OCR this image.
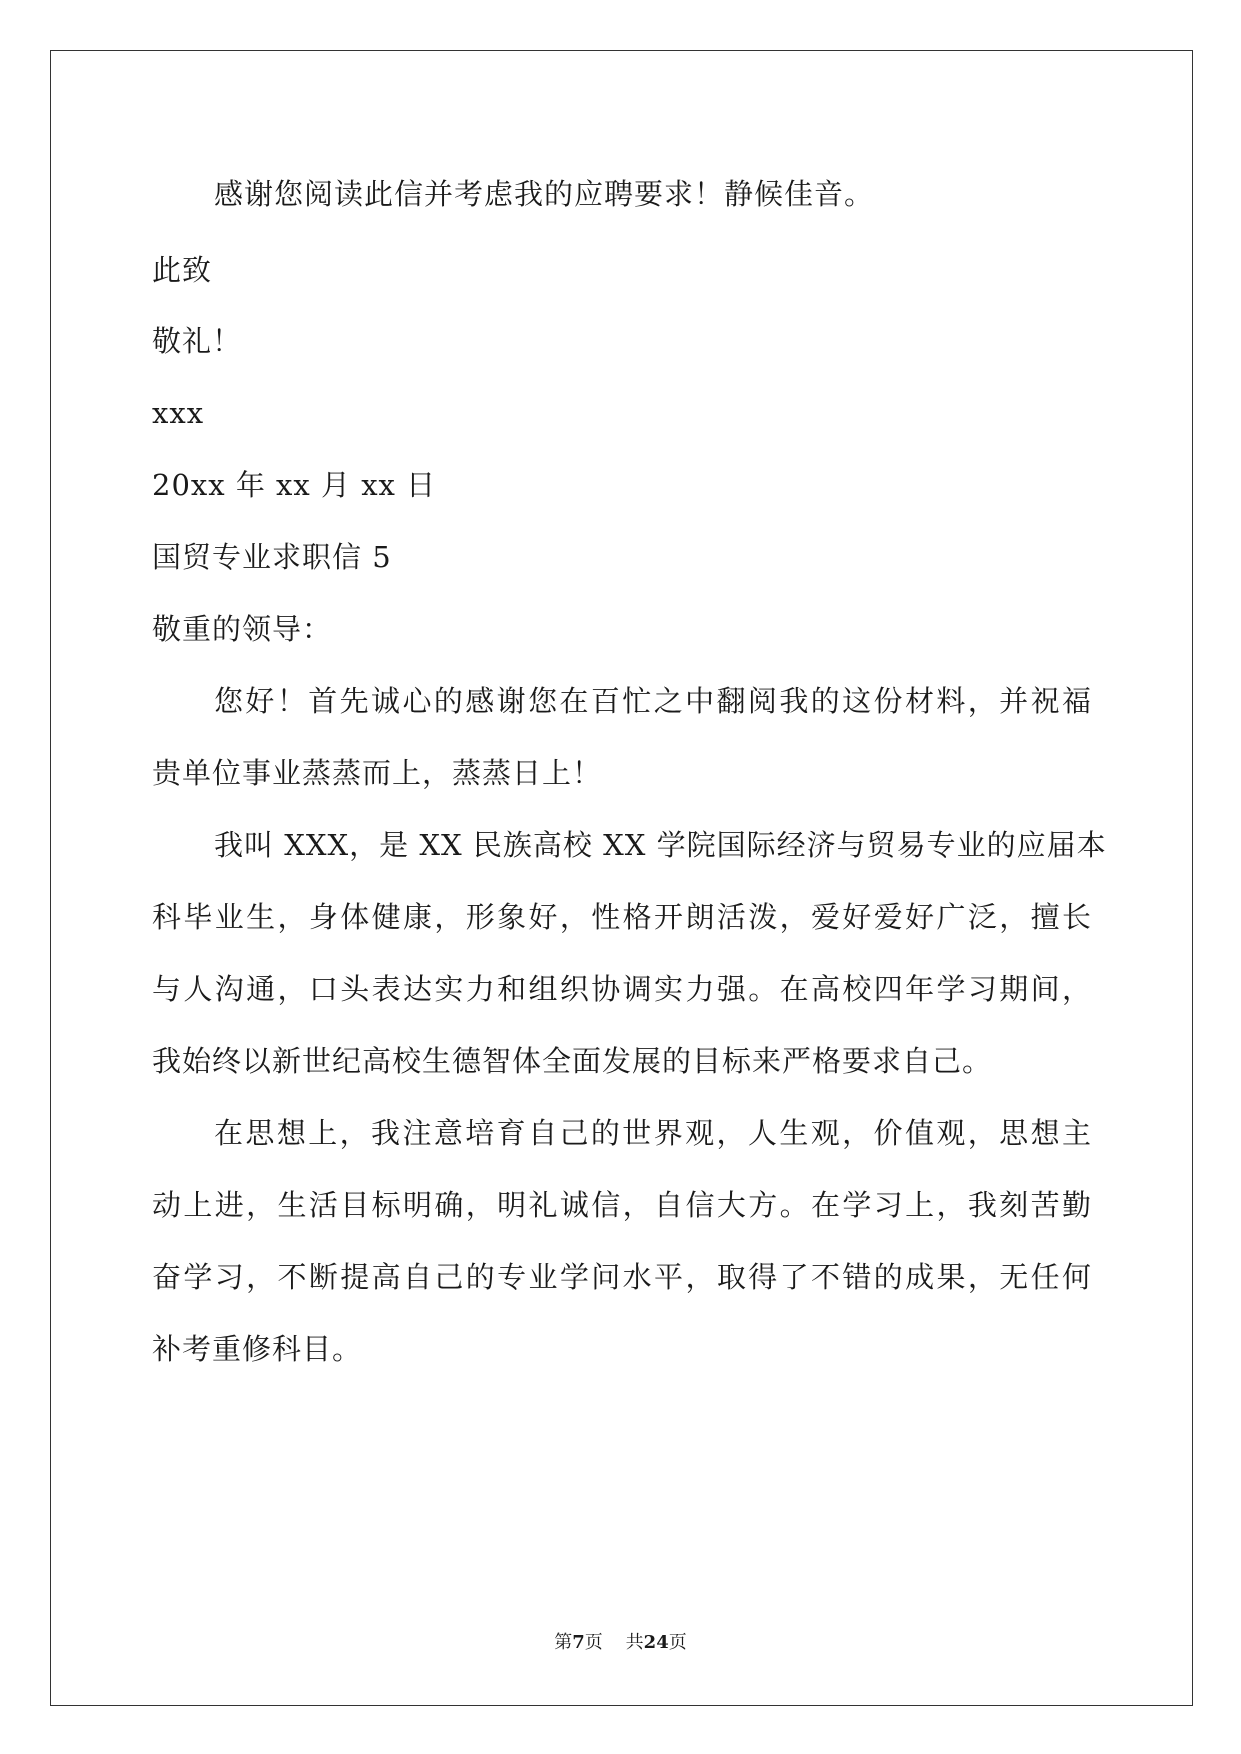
感谢您阅读此信并考虑我的应聘要求！静候佳音。
此致
敬礼！
xxx
20xx 年 xx 月 xx 日
国贸专业求职信 5
敬重的领导：
您好！首先诚心的感谢您在百忙之中翻阅我的这份材料，并祝福
贵单位事业蒸蒸而上，蒸蒸日上！
我叫 XXX，是 XX 民族高校 XX 学院国际经济与贸易专业的应届本
科毕业生，身体健康，形象好，性格开朗活泼，爱好爱好广泛，擅长
与人沟通，口头表达实力和组织协调实力强。在高校四年学习期间，
我始终以新世纪高校生德智体全面发展的目标来严格要求自己。
在思想上，我注意培育自己的世界观，人生观，价值观，思想主
动上进，生活目标明确，明礼诚信，自信大方。在学习上，我刻苦勤
奋学习，不断提高自己的专业学问水平，取得了不错的成果，无任何
补考重修科目。
第7页 共24页
